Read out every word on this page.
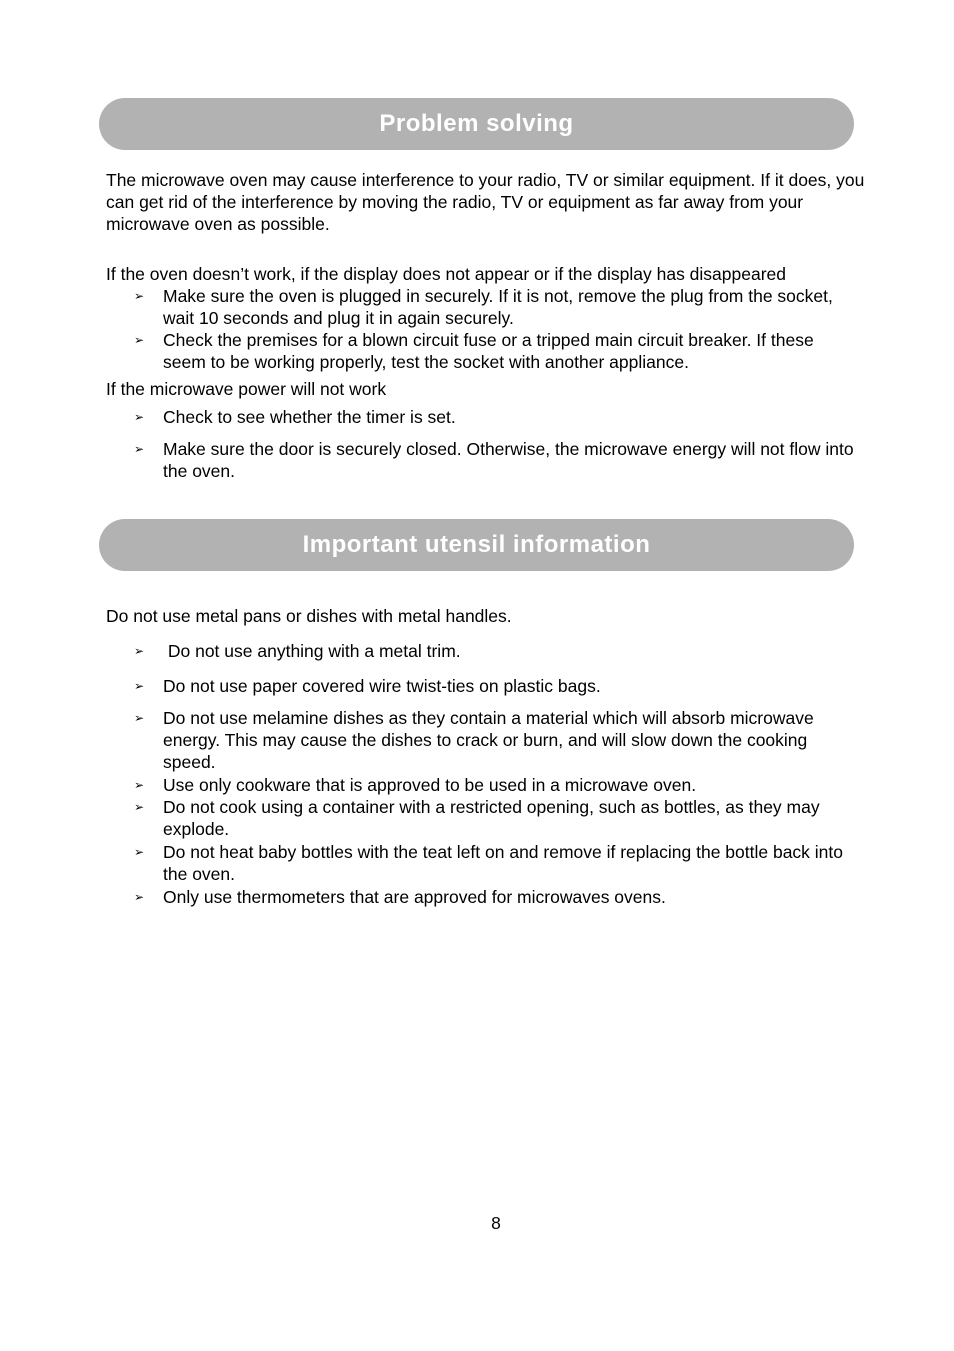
Problem solving

The microwave oven may cause interference to your radio, TV or similar equipment. If it does, you can get rid of the interference by moving the radio, TV or equipment as far away from your microwave oven as possible.

If the oven doesn’t work, if the display does not appear or if the display has disappeared

➢	Make sure the oven is plugged in securely. If it is not, remove the plug from the socket, wait 10 seconds and plug it in again securely.
➢	Check the premises for a blown circuit fuse or a tripped main circuit breaker. If these seem to be working properly, test the socket with another appliance.

If the microwave power will not work

➢	Check to see whether the timer is set.
➢	Make sure the door is securely closed. Otherwise, the microwave energy will not flow into the oven.
Important utensil information

Do not use metal pans or dishes with metal handles.

➢	Do not use anything with a metal trim.
➢	Do not use paper covered wire twist-ties on plastic bags.
➢	Do not use melamine dishes as they contain a material which will absorb microwave energy. This may cause the dishes to crack or burn, and will slow down the cooking speed.
➢	Use only cookware that is approved to be used in a microwave oven.
➢	Do not cook using a container with a restricted opening, such as bottles, as they may explode.
➢	Do not heat baby bottles with the teat left on and remove if replacing the bottle back into the oven.
➢	Only use thermometers that are approved for microwaves ovens.
8
